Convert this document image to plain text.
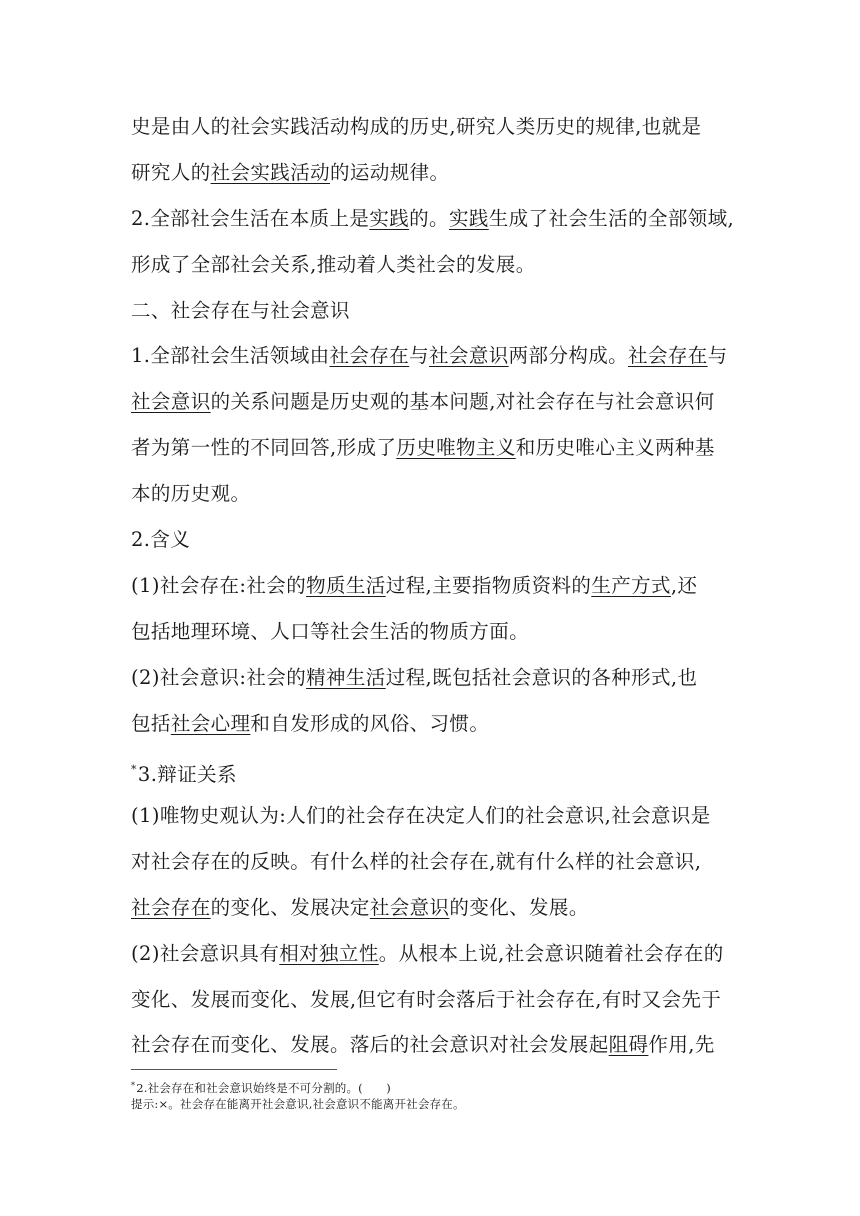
史是由人的社会实践活动构成的历史,研究人类历史的规律,也就是
研究人的社会实践活动的运动规律。
2.全部社会生活在本质上是实践的。实践生成了社会生活的全部领域,
形成了全部社会关系,推动着人类社会的发展。
二、社会存在与社会意识
1.全部社会生活领域由社会存在与社会意识两部分构成。社会存在与
社会意识的关系问题是历史观的基本问题,对社会存在与社会意识何
者为第一性的不同回答,形成了历史唯物主义和历史唯心主义两种基
本的历史观。
2.含义
(1)社会存在:社会的物质生活过程,主要指物质资料的生产方式,还
包括地理环境、人口等社会生活的物质方面。
(2)社会意识:社会的精神生活过程,既包括社会意识的各种形式,也
包括社会心理和自发形成的风俗、习惯。
*3.辩证关系
(1)唯物史观认为:人们的社会存在决定人们的社会意识,社会意识是
对社会存在的反映。有什么样的社会存在,就有什么样的社会意识,
社会存在的变化、发展决定社会意识的变化、发展。
(2)社会意识具有相对独立性。从根本上说,社会意识随着社会存在的
变化、发展而变化、发展,但它有时会落后于社会存在,有时又会先于
社会存在而变化、发展。落后的社会意识对社会发展起阻碍作用,先
*2.社会存在和社会意识始终是不可分割的。(　　)
提示:×。社会存在能离开社会意识,社会意识不能离开社会存在。
